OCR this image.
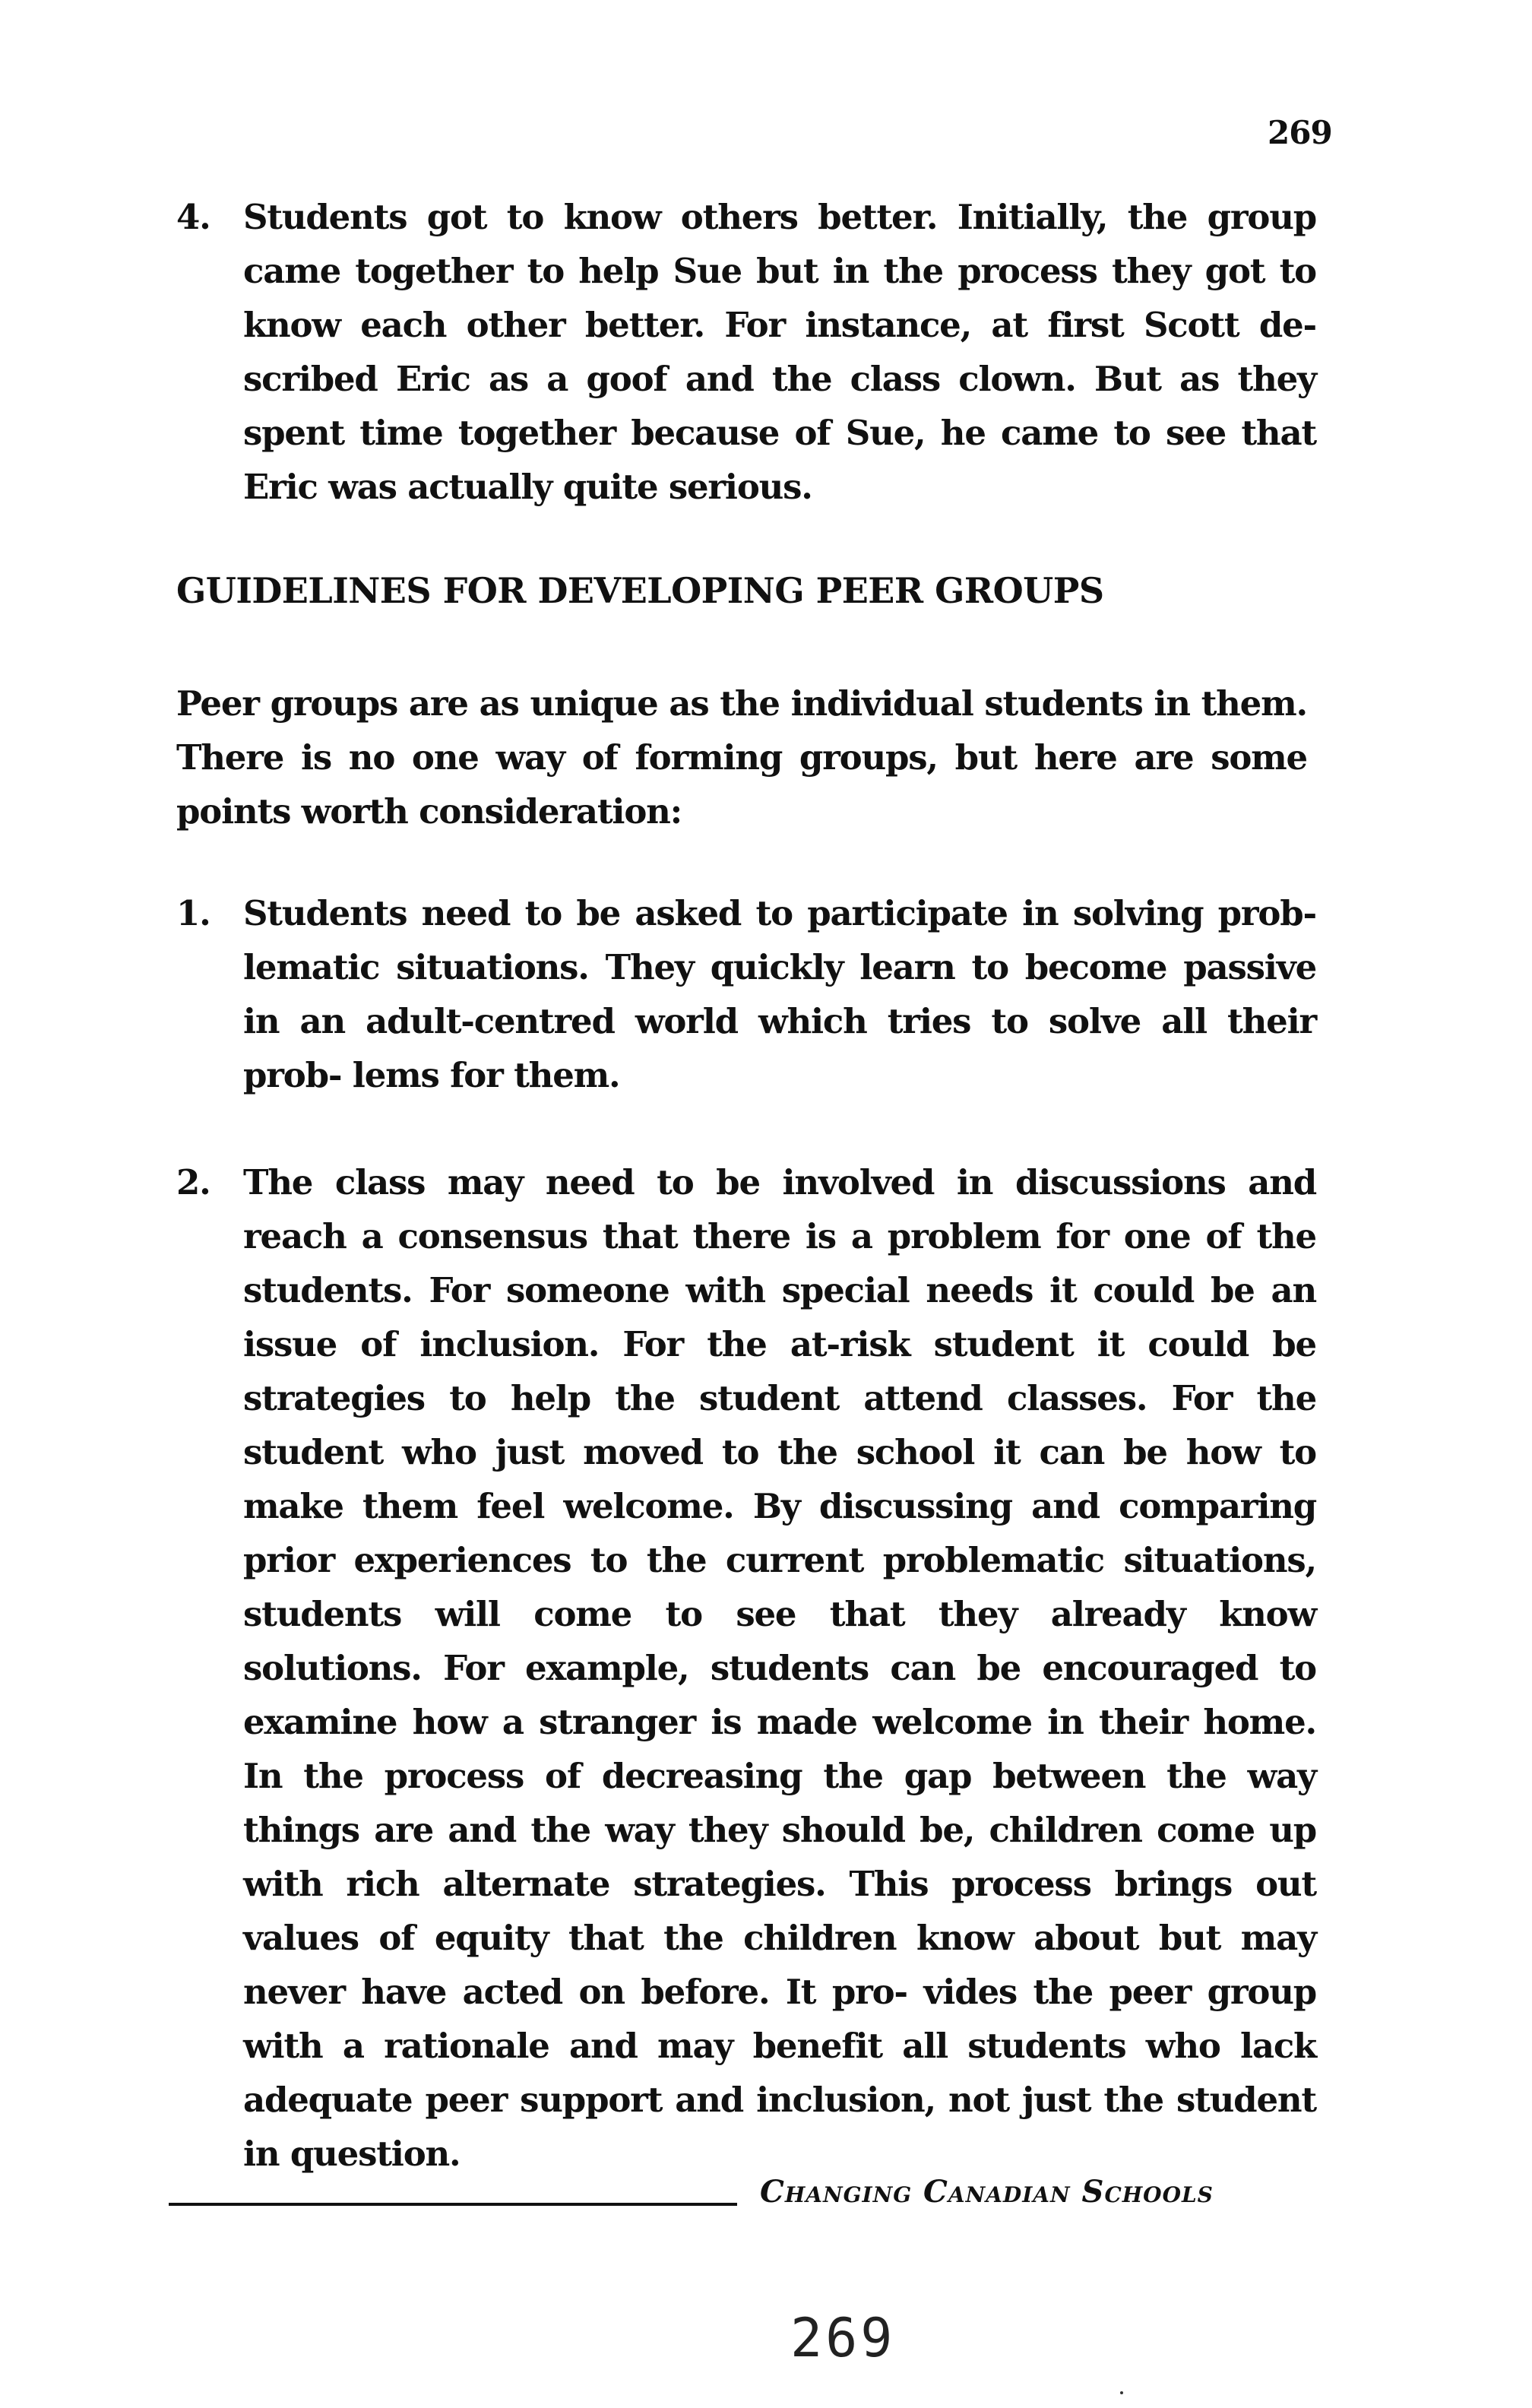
269
4. Students got to know others better. Initially, the group came together to help Sue but in the process they got to know each other better. For instance, at first Scott de- scribed Eric as a goof and the class clown. But as they spent time together because of Sue, he came to see that Eric was actually quite serious.
GUIDELINES FOR DEVELOPING PEER GROUPS
Peer groups are as unique as the individual students in them. There is no one way of forming groups, but here are some points worth consideration:
1. Students need to be asked to participate in solving prob- lematic situations. They quickly learn to become passive in an adult-centred world which tries to solve all their prob- lems for them.
2. The class may need to be involved in discussions and reach a consensus that there is a problem for one of the students. For someone with special needs it could be an issue of inclusion. For the at-risk student it could be strategies to help the student attend classes. For the student who just moved to the school it can be how to make them feel welcome. By discussing and comparing prior experiences to the current problematic situations, students will come to see that they already know solutions. For example, students can be encouraged to examine how a stranger is made welcome in their home. In the process of decreasing the gap between the way things are and the way they should be, children come up with rich alternate strategies. This process brings out values of equity that the children know about but may never have acted on before. It pro- vides the peer group with a rationale and may benefit all students who lack adequate peer support and inclusion, not just the student in question.
Changing Canadian Schools
269
